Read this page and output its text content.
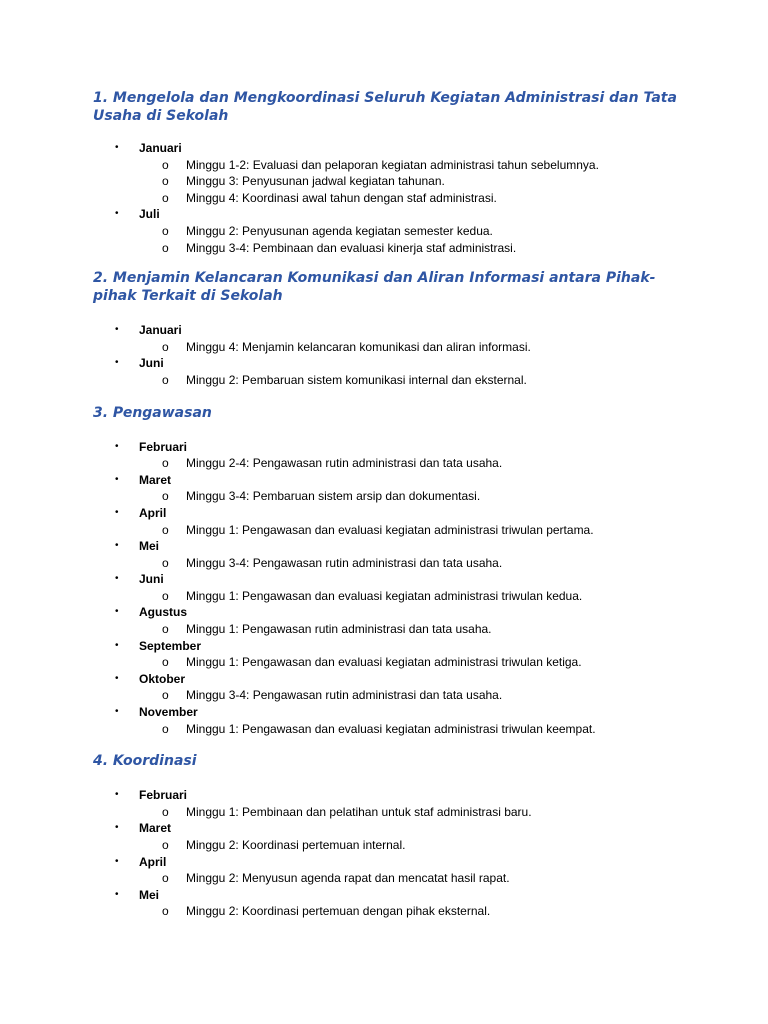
1. Mengelola dan Mengkoordinasi Seluruh Kegiatan Administrasi dan Tata Usaha di Sekolah
• Januari
o Minggu 1-2: Evaluasi dan pelaporan kegiatan administrasi tahun sebelumnya.
o Minggu 3: Penyusunan jadwal kegiatan tahunan.
o Minggu 4: Koordinasi awal tahun dengan staf administrasi.
• Juli
o Minggu 2: Penyusunan agenda kegiatan semester kedua.
o Minggu 3-4: Pembinaan dan evaluasi kinerja staf administrasi.
2. Menjamin Kelancaran Komunikasi dan Aliran Informasi antara Pihak-pihak Terkait di Sekolah
• Januari
o Minggu 4: Menjamin kelancaran komunikasi dan aliran informasi.
• Juni
o Minggu 2: Pembaruan sistem komunikasi internal dan eksternal.
3. Pengawasan
• Februari
o Minggu 2-4: Pengawasan rutin administrasi dan tata usaha.
• Maret
o Minggu 3-4: Pembaruan sistem arsip dan dokumentasi.
• April
o Minggu 1: Pengawasan dan evaluasi kegiatan administrasi triwulan pertama.
• Mei
o Minggu 3-4: Pengawasan rutin administrasi dan tata usaha.
• Juni
o Minggu 1: Pengawasan dan evaluasi kegiatan administrasi triwulan kedua.
• Agustus
o Minggu 1: Pengawasan rutin administrasi dan tata usaha.
• September
o Minggu 1: Pengawasan dan evaluasi kegiatan administrasi triwulan ketiga.
• Oktober
o Minggu 3-4: Pengawasan rutin administrasi dan tata usaha.
• November
o Minggu 1: Pengawasan dan evaluasi kegiatan administrasi triwulan keempat.
4. Koordinasi
• Februari
o Minggu 1: Pembinaan dan pelatihan untuk staf administrasi baru.
• Maret
o Minggu 2: Koordinasi pertemuan internal.
• April
o Minggu 2: Menyusun agenda rapat dan mencatat hasil rapat.
• Mei
o Minggu 2: Koordinasi pertemuan dengan pihak eksternal.
